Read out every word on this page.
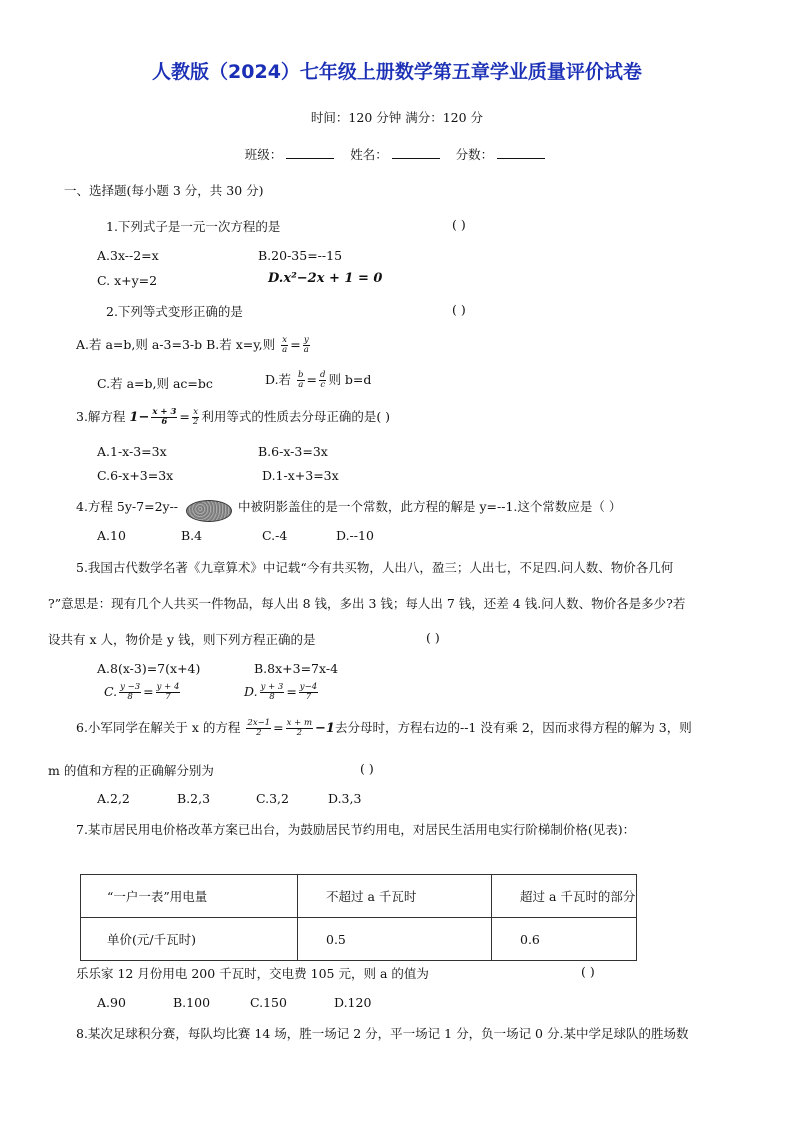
人教版（2024）七年级上册数学第五章学业质量评价试卷
时间：120 分钟 满分：120 分
班级：	姓名：	分数：
一、选择题(每小题 3 分，共 30 分)
1.下列式子是一元一次方程的是	( )
A.3x--2=x	B.20-35=--15
C. x+y=2	D.x²−2x + 1 = 0
2.下列等式变形正确的是	( )
A.若 a=b,则 a-3=3-b B.若 x=y,则 $\frac{x}{a} = \frac{y}{a}$
C.若 a=b,则 ac=bc	D.若 $\frac{b}{a} = \frac{d}{c}$ 则 b=d
3.解方程 $1- \frac{x + 3}{6} = \frac{x}{2}$ 利用等式的性质去分母正确的是( )
A.1-x-3=3x	B.6-x-3=3x
C.6-x+3=3x	D.1-x+3=3x
4.方程 5y-7=2y--	中被阴影盖住的是一个常数，此方程的解是 y=--1.这个常数应是（ ）
A.10	B.4	C.-4	D.--10
5.我国古代数学名著《九章算术》中记载“今有共买物，人出八，盈三；人出七，不足四.问人数、物价各几何
?”意思是：现有几个人共买一件物品，每人出 8 钱，多出 3 钱；每人出 7 钱，还差 4 钱.问人数、物价各是多少?若
设共有 x 人，物价是 y 钱，则下列方程正确的是	( )
A.8(x-3)=7(x+4)	B.8x+3=7x-4
C. $\frac{y -3}{8} = \frac{y + 4}{7}$	D. $\frac{y + 3}{8} = \frac{y-4}{7}$
6.小军同学在解关于 x 的方程 $\frac{2x-1}{2} = \frac{x + m}{2} -1$去分母时，方程右边的--1 没有乘 2，因而求得方程的解为 3，则
m 的值和方程的正确解分别为	( )
A.2,2	B.2,3	C.3,2	D.3,3
7.某市居民用电价格改革方案已出台，为鼓励居民节约用电，对居民生活用电实行阶梯制价格(见表)：
“一户一表”用电量	不超过 a 千瓦时	超过 a 千瓦时的部分
单价(元/千瓦时)	0.5	0.6
乐乐家 12 月份用电 200 千瓦时，交电费 105 元，则 a 的值为	( )
A.90	B.100	C.150	D.120
8.某次足球积分赛，每队均比赛 14 场，胜一场记 2 分，平一场记 1 分，负一场记 0 分.某中学足球队的胜场数
